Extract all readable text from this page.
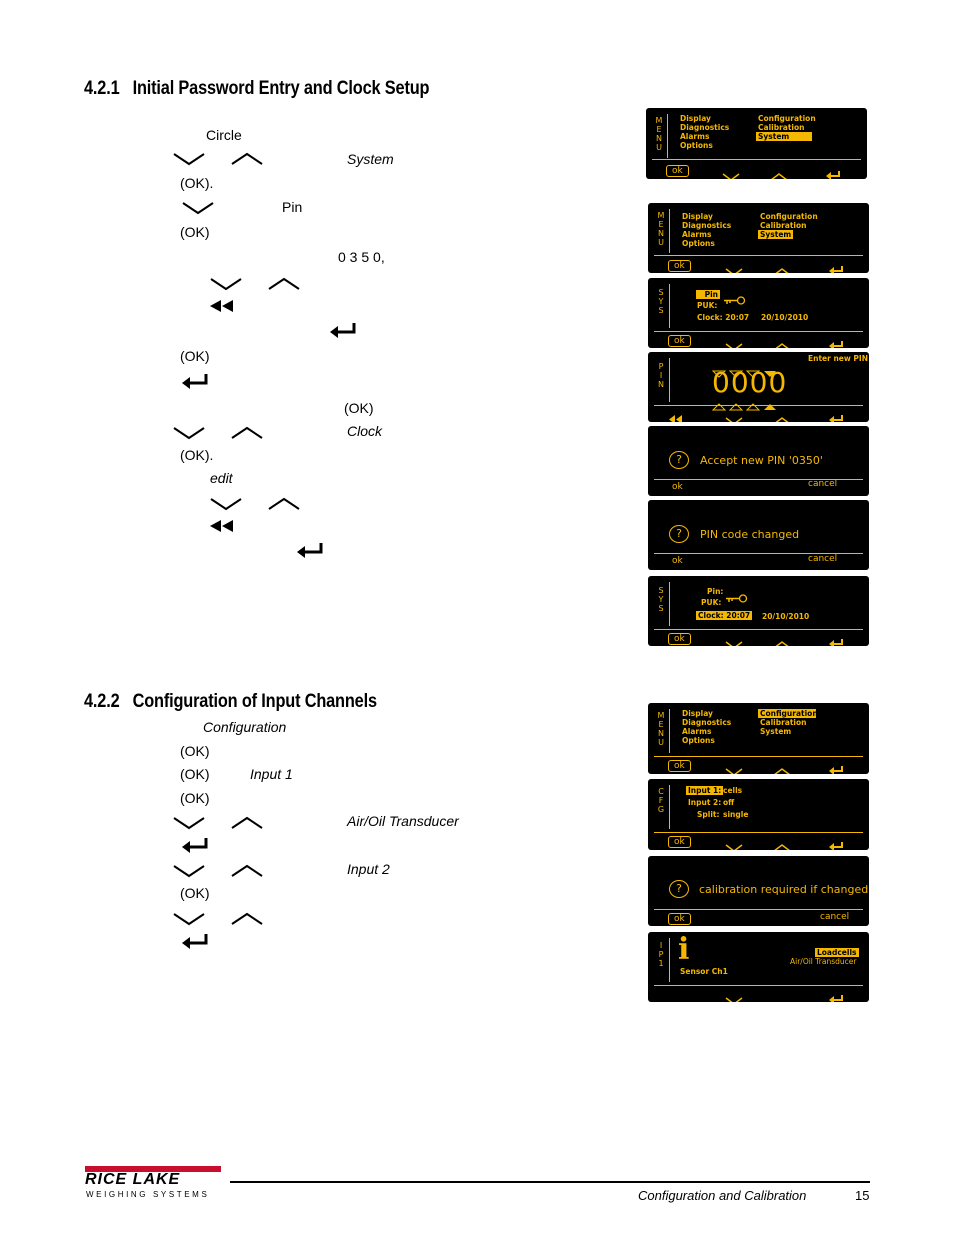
4.2.1 Initial Password Entry and Clock Setup
Circle
System
(OK).
Pin
(OK)
0 3 5 0,
(OK)
(OK)
Clock
(OK).
edit
4.2.2 Configuration of Input Channels
Configuration
(OK)
(OK)	Input 1
(OK)
Air/Oil Transducer
Input 2
(OK)
M
E
N
U
Display
Diagnostics
Alarms
Options
Configuration
Calibration
System
ok
M
E
N
U
Display
Diagnostics
Alarms
Options
Configuration
Calibration
System
ok
S
Y
S
Pin
PUK:
Clock: 20:07 20/10/2010
ok
P
I
N
Enter new PIN
0000
?	Accept new PIN '0350'
ok	cancel
?	PIN code changed
ok	cancel
S
Y
S
Pin:
PUK:
Clock: 20:07 20/10/2010
ok
M
E
N
U
Display
Diagnostics
Alarms
Options
Configuration
Calibration
System
ok
C
F
G
Input 1: cells
Input 2: off
Split: single
ok
?	calibration required if changed
ok	cancel
I
P
1 i	Loadcells
Air/Oil Transducer
Sensor Ch1
RICE LAKE
WEIGHING SYSTEMS	Configuration and Calibration	15
